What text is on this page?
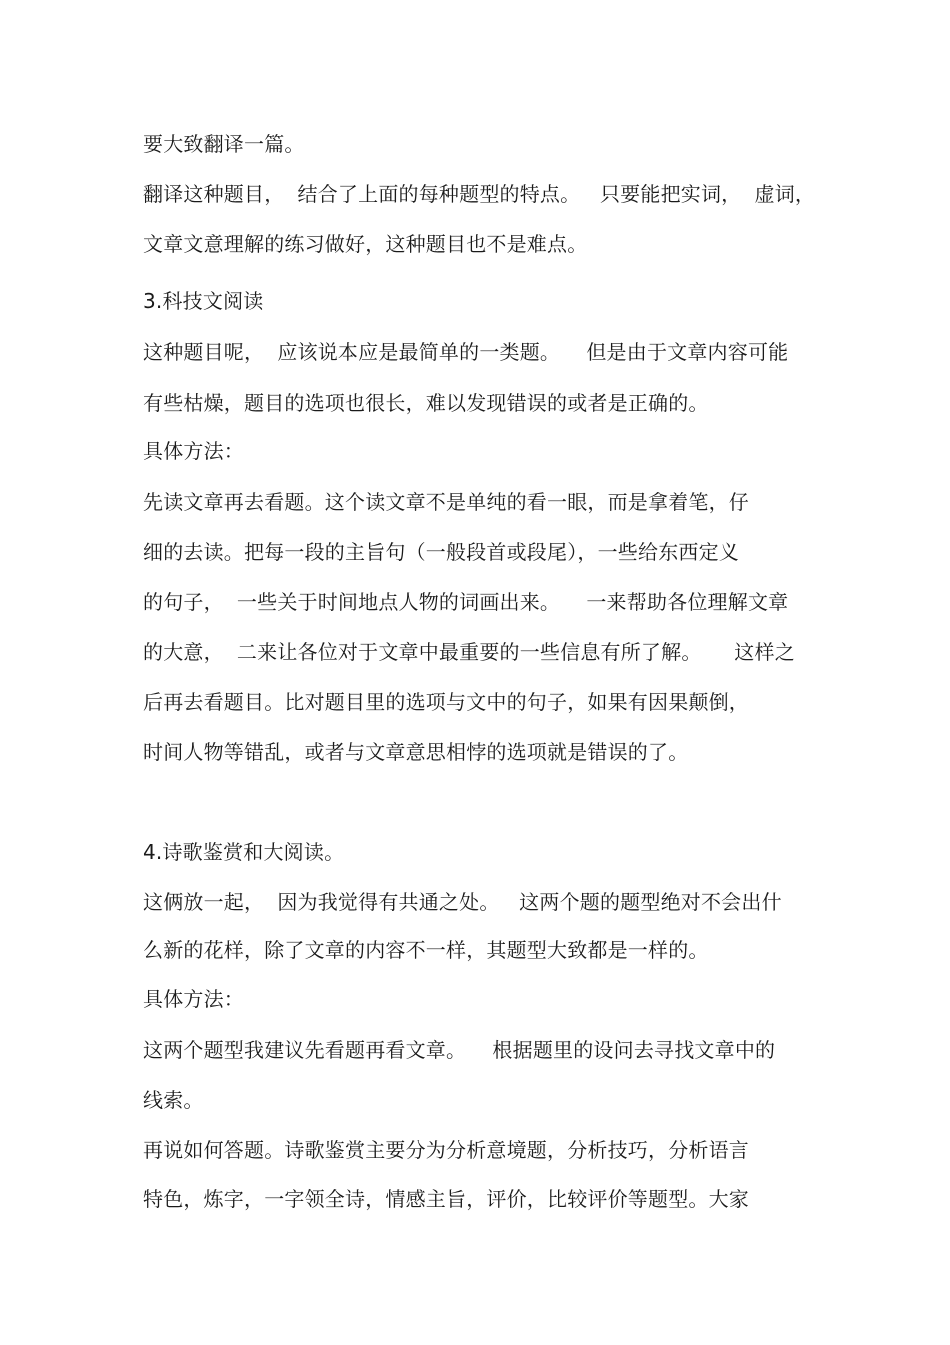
要大致翻译一篇。
翻译这种题目，  结合了上面的每种题型的特点。   只要能把实词，  虚词，
文章文意理解的练习做好，这种题目也不是难点。
3.科技文阅读
这种题目呢，  应该说本应是最简单的一类题。    但是由于文章内容可能
有些枯燥，题目的选项也很长，难以发现错误的或者是正确的。
具体方法：
先读文章再去看题。这个读文章不是单纯的看一眼，而是拿着笔，仔
细的去读。把每一段的主旨句（一般段首或段尾），一些给东西定义
的句子，  一些关于时间地点人物的词画出来。    一来帮助各位理解文章
的大意，  二来让各位对于文章中最重要的一些信息有所了解。     这样之
后再去看题目。比对题目里的选项与文中的句子，如果有因果颠倒，
时间人物等错乱，或者与文章意思相悖的选项就是错误的了。
4.诗歌鉴赏和大阅读。
这俩放一起，  因为我觉得有共通之处。   这两个题的题型绝对不会出什
么新的花样，除了文章的内容不一样，其题型大致都是一样的。
具体方法：
这两个题型我建议先看题再看文章。    根据题里的设问去寻找文章中的
线索。
再说如何答题。诗歌鉴赏主要分为分析意境题，分析技巧，分析语言
特色，炼字，一字领全诗，情感主旨，评价，比较评价等题型。大家
